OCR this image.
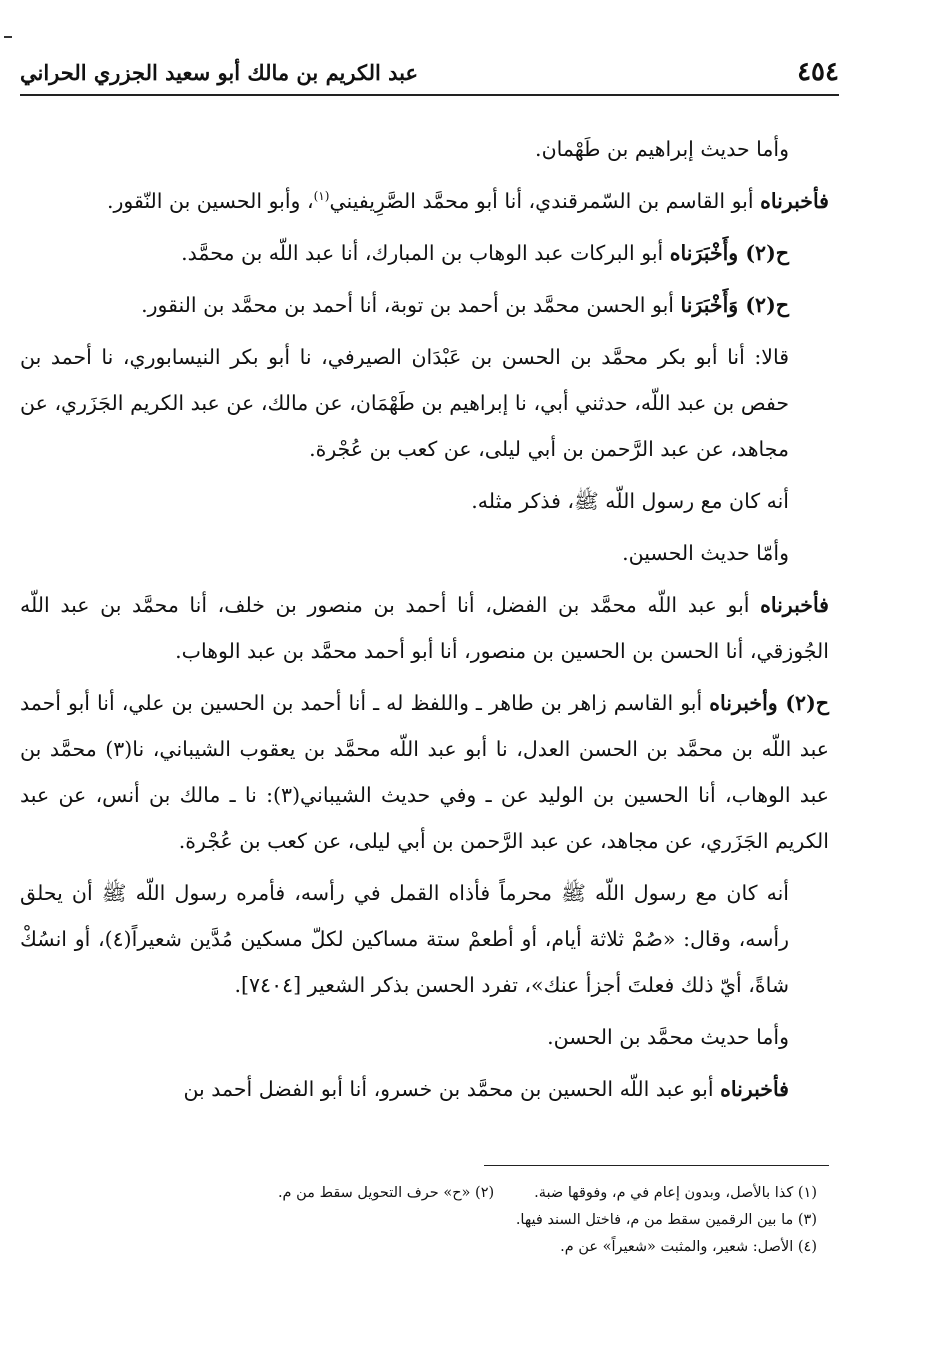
٤٥٤
عبد الكريم بن مالك أبو سعيد الجزري الحراني

وأما حديث إبراهيم بن طَهْمان.

فأخبرناه أبو القاسم بن السّمرقندي، أنا أبو محمَّد الصَّرِيفيني$^{(١)}$، وأبو الحسين بن النّقور.

ح(٢) وأَخْبَرَناه أبو البركات عبد الوهاب بن المبارك، أنا عبد اللّه بن محمَّد.

ح(٢) وَأَخْبَرَنا أبو الحسن محمَّد بن أحمد بن توبة، أنا أحمد بن محمَّد بن النقور.

قالا: أنا أبو بكر محمَّد بن الحسن بن عَبْدَان الصيرفي، نا أبو بكر النيسابوري، نا أحمد بن حفص بن عبد اللّه، حدثني أبي، نا إبراهيم بن طَهْمَان، عن مالك، عن عبد الكريم الجَزَري، عن مجاهد، عن عبد الرَّحمن بن أبي ليلى، عن كعب بن عُجْرة.

أنه كان مع رسول اللّه ﷺ، فذكر مثله.

وأمّا حديث الحسين.

فأخبرناه أبو عبد اللّه محمَّد بن الفضل، أنا أحمد بن منصور بن خلف، أنا محمَّد بن عبد اللّه الجُوزقي، أنا الحسن بن الحسين بن منصور، أنا أبو أحمد محمَّد بن عبد الوهاب.

ح(٢) وأخبرناه أبو القاسم زاهر بن طاهر ـ واللفظ له ـ أنا أحمد بن الحسين بن علي، أنا أبو أحمد عبد اللّه بن محمَّد بن الحسن العدل، نا أبو عبد اللّه محمَّد بن يعقوب الشيباني، نا(٣) محمَّد بن عبد الوهاب، أنا الحسين بن الوليد عن ـ وفي حديث الشيباني(٣): نا ـ مالك بن أنس، عن عبد الكريم الجَزَري، عن مجاهد، عن عبد الرَّحمن بن أبي ليلى، عن كعب بن عُجْرة.

أنه كان مع رسول اللّه ﷺ محرماً فأذاه القمل في رأسه، فأمره رسول اللّه ﷺ أن يحلق رأسه، وقال: «صُمْ ثلاثة أيام، أو أطعمْ ستة مساكين لكلّ مسكين مُدَّين شعيراً(٤)، أو انسُكْ شاةً، أيّ ذلك فعلتَ أجزأ عنك»، تفرد الحسن بذكر الشعير [٧٤٠٤].

وأما حديث محمَّد بن الحسن.

فأخبرناه أبو عبد اللّه الحسين بن محمَّد بن خسرو، أنا أبو الفضل أحمد بن

(١) كذا بالأصل، وبدون إعام في م، وفوقها ضبة.
(٢) «ح» حرف التحويل سقط من م.
(٣) ما بين الرقمين سقط من م، فاختل السند فيها.
(٤) الأصل: شعير، والمثبت «شعيراً» عن م.
